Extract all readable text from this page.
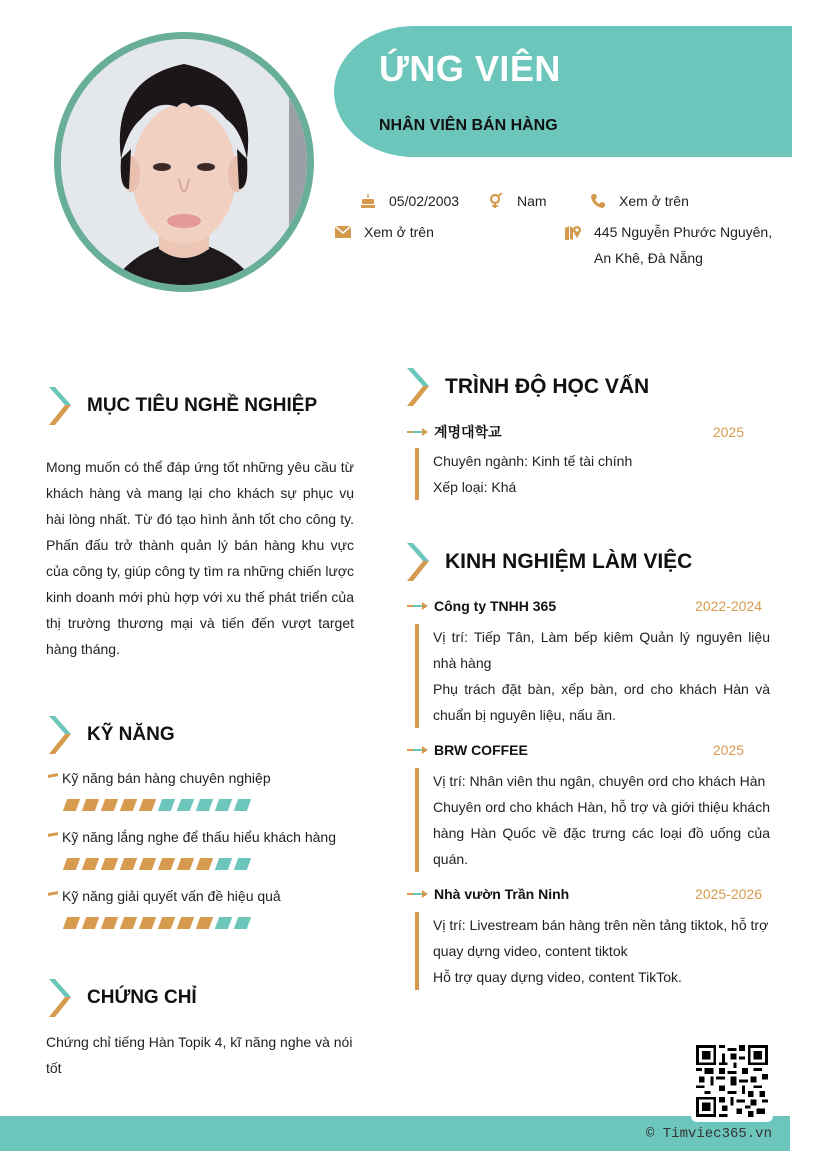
ỨNG VIÊN
NHÂN VIÊN BÁN HÀNG
05/02/2003	Nam	Xem ở trên
Xem ở trên	445 Nguyễn Phước Nguyên,
An Khê, Đà Nẵng
MỤC TIÊU NGHỀ NGHIỆP
Mong muốn có thể đáp ứng tốt những yêu cầu từ khách hàng và mang lại cho khách sự phục vụ hài lòng nhất. Từ đó tạo hình ảnh tốt cho công ty. Phấn đấu trở thành quản lý bán hàng khu vực của công ty, giúp công ty tìm ra những chiến lược kinh doanh mới phù hợp với xu thế phát triển của thị trường thương mại và tiến đến vượt target hàng tháng.
KỸ NĂNG
Kỹ năng bán hàng chuyên nghiệp
Kỹ năng lắng nghe để thấu hiểu khách hàng
Kỹ năng giải quyết vấn đề hiệu quả
CHỨNG CHỈ
Chứng chỉ tiếng Hàn Topik 4, kĩ năng nghe và nói tốt
TRÌNH ĐỘ HỌC VẤN
계명대학교	2025
Chuyên ngành: Kinh tế tài chính
Xếp loại: Khá
KINH NGHIỆM LÀM VIỆC
Công ty TNHH 365	2022-2024
Vị trí: Tiếp Tân, Làm bếp kiêm Quản lý nguyên liệu nhà hàng
Phụ trách đặt bàn, xếp bàn, ord cho khách Hàn và chuẩn bị nguyên liệu, nấu ăn.
BRW COFFEE	2025
Vị trí: Nhân viên thu ngân, chuyên ord cho khách Hàn
Chuyên ord cho khách Hàn, hỗ trợ và giới thiệu khách hàng Hàn Quốc về đặc trưng các loại đồ uống của quán.
Nhà vườn Trần Ninh	2025-2026
Vị trí: Livestream bán hàng trên nền tảng tiktok, hỗ trợ quay dựng video, content tiktok
Hỗ trợ quay dựng video, content TikTok.
© Timviec365.vn
